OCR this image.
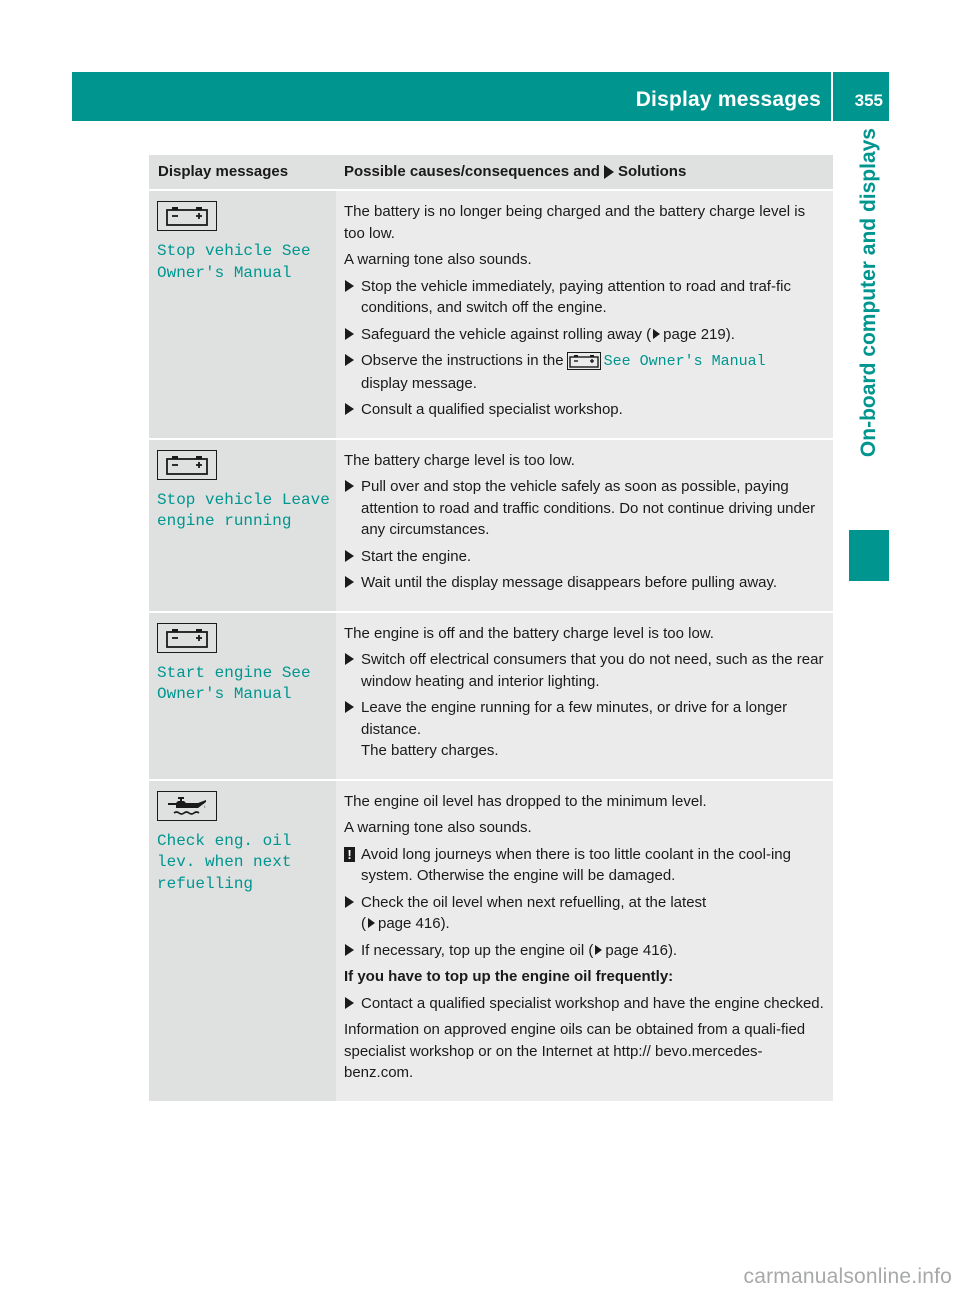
Display messages 355
On-board computer and displays
Display messages	Possible causes/consequences and Solutions
Stop vehicle See
Owner's Manual

The battery is no longer being charged and the battery charge level is too low.

A warning tone also sounds.

Stop the vehicle immediately, paying attention to road and traf-fic conditions, and switch off the engine.
Safeguard the vehicle against rolling away ( page 219).
Observe the instructions in the	See Owner's Manual
display message.
Consult a qualified specialist workshop.
Stop vehicle Leave
engine running

The battery charge level is too low.

Pull over and stop the vehicle safely as soon as possible, paying attention to road and traffic conditions. Do not continue driving under any circumstances.
Start the engine.
Wait until the display message disappears before pulling away.
Start engine See
Owner's Manual

The engine is off and the battery charge level is too low.

Switch off electrical consumers that you do not need, such as the rear window heating and interior lighting.
Leave the engine running for a few minutes, or drive for a longer distance.
The battery charges.
Check eng. oil
lev. when next
refuelling

The engine oil level has dropped to the minimum level.

A warning tone also sounds.

! Avoid long journeys when there is too little coolant in the cool-ing system. Otherwise the engine will be damaged.
Check the oil level when next refuelling, at the latest
( page 416).
If necessary, top up the engine oil ( page 416).

If you have to top up the engine oil frequently:

Contact a qualified specialist workshop and have the engine checked.

Information on approved engine oils can be obtained from a quali-fied specialist workshop or on the Internet at http:// bevo.mercedes-benz.com.

carmanualsonline.info
